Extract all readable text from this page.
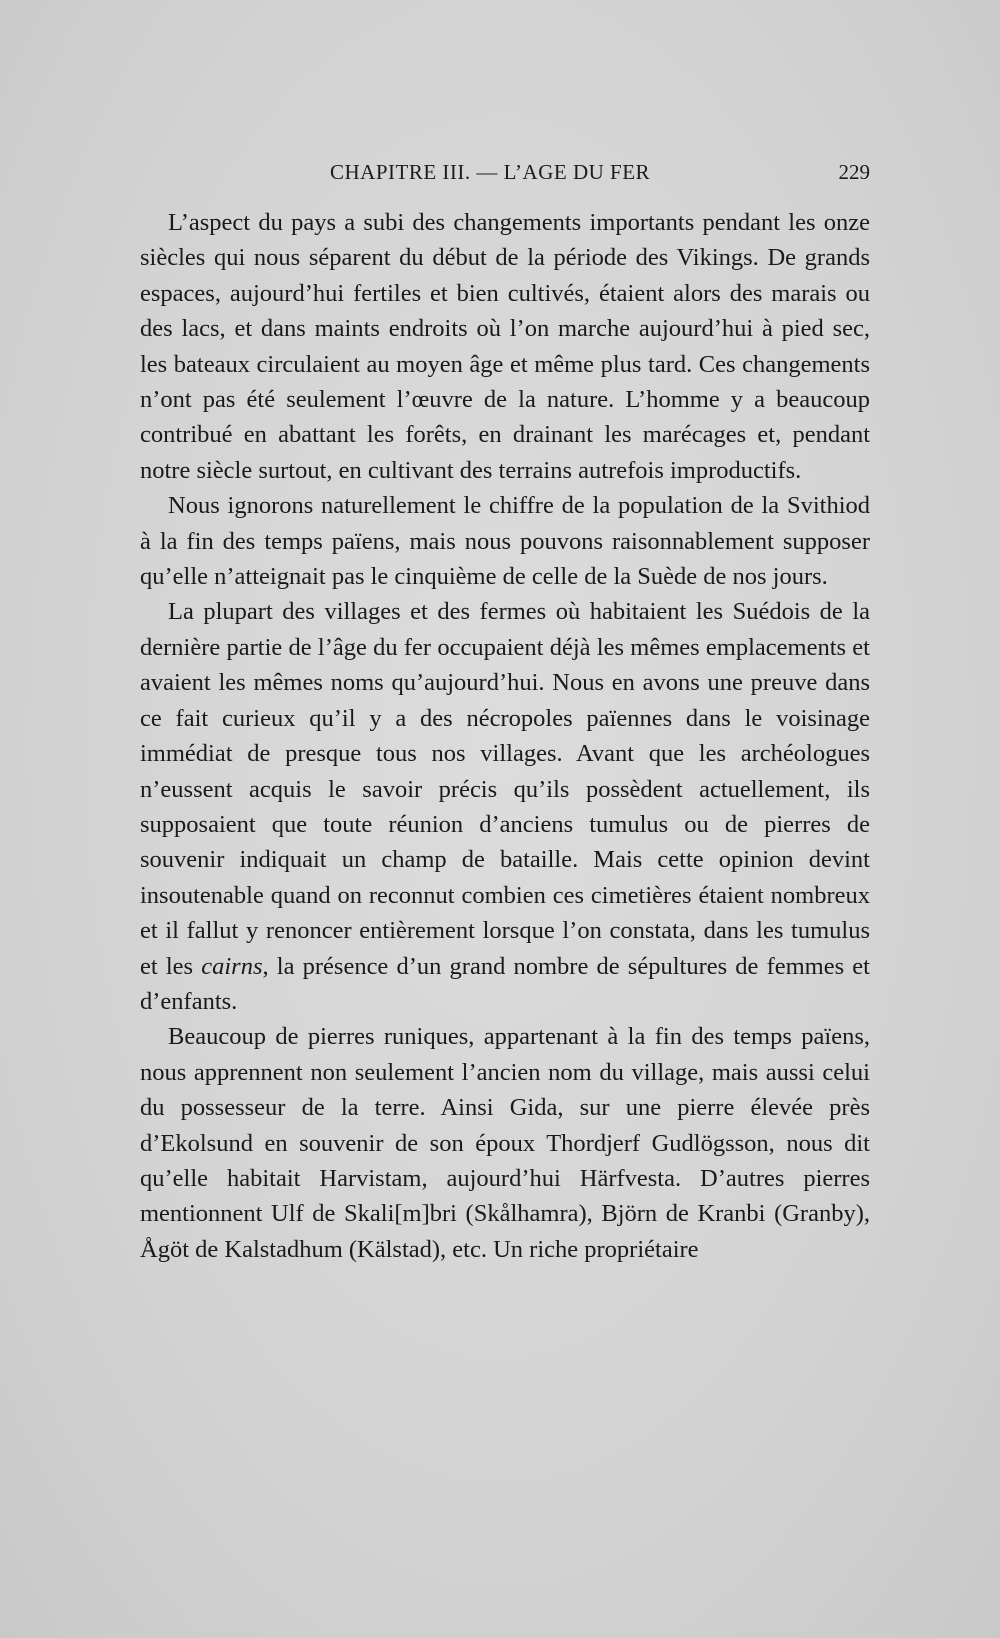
CHAPITRE III. — L’AGE DU FER	229

L’aspect du pays a subi des changements importants pendant les onze siècles qui nous séparent du début de la période des Vikings. De grands espaces, aujourd’hui fertiles et bien cultivés, étaient alors des marais ou des lacs, et dans maints endroits où l’on marche aujourd’hui à pied sec, les bateaux circulaient au moyen âge et même plus tard. Ces changements n’ont pas été seulement l’œuvre de la nature. L’homme y a beaucoup contribué en abattant les forêts, en drainant les marécages et, pendant notre siècle surtout, en cultivant des terrains autrefois improductifs.

Nous ignorons naturellement le chiffre de la population de la Svithiod à la fin des temps païens, mais nous pouvons raisonnablement supposer qu’elle n’atteignait pas le cinquième de celle de la Suède de nos jours.

La plupart des villages et des fermes où habitaient les Suédois de la dernière partie de l’âge du fer occupaient déjà les mêmes emplacements et avaient les mêmes noms qu’aujourd’hui. Nous en avons une preuve dans ce fait curieux qu’il y a des nécropoles païennes dans le voisinage immédiat de presque tous nos villages. Avant que les archéologues n’eussent acquis le savoir précis qu’ils possèdent actuellement, ils supposaient que toute réunion d’anciens tumulus ou de pierres de souvenir indiquait un champ de bataille. Mais cette opinion devint insoutenable quand on reconnut combien ces cimetières étaient nombreux et il fallut y renoncer entièrement lorsque l’on constata, dans les tumulus et les cairns, la présence d’un grand nombre de sépultures de femmes et d’enfants.

Beaucoup de pierres runiques, appartenant à la fin des temps païens, nous apprennent non seulement l’ancien nom du village, mais aussi celui du possesseur de la terre. Ainsi Gida, sur une pierre élevée près d’Ekolsund en souvenir de son époux Thordjerf Gudlögsson, nous dit qu’elle habitait Harvistam, aujourd’hui Härfvesta. D’autres pierres mentionnent Ulf de Skali[m]bri (Skålhamra), Björn de Kranbi (Granby), Ågöt de Kalstadhum (Kälstad), etc. Un riche propriétaire
